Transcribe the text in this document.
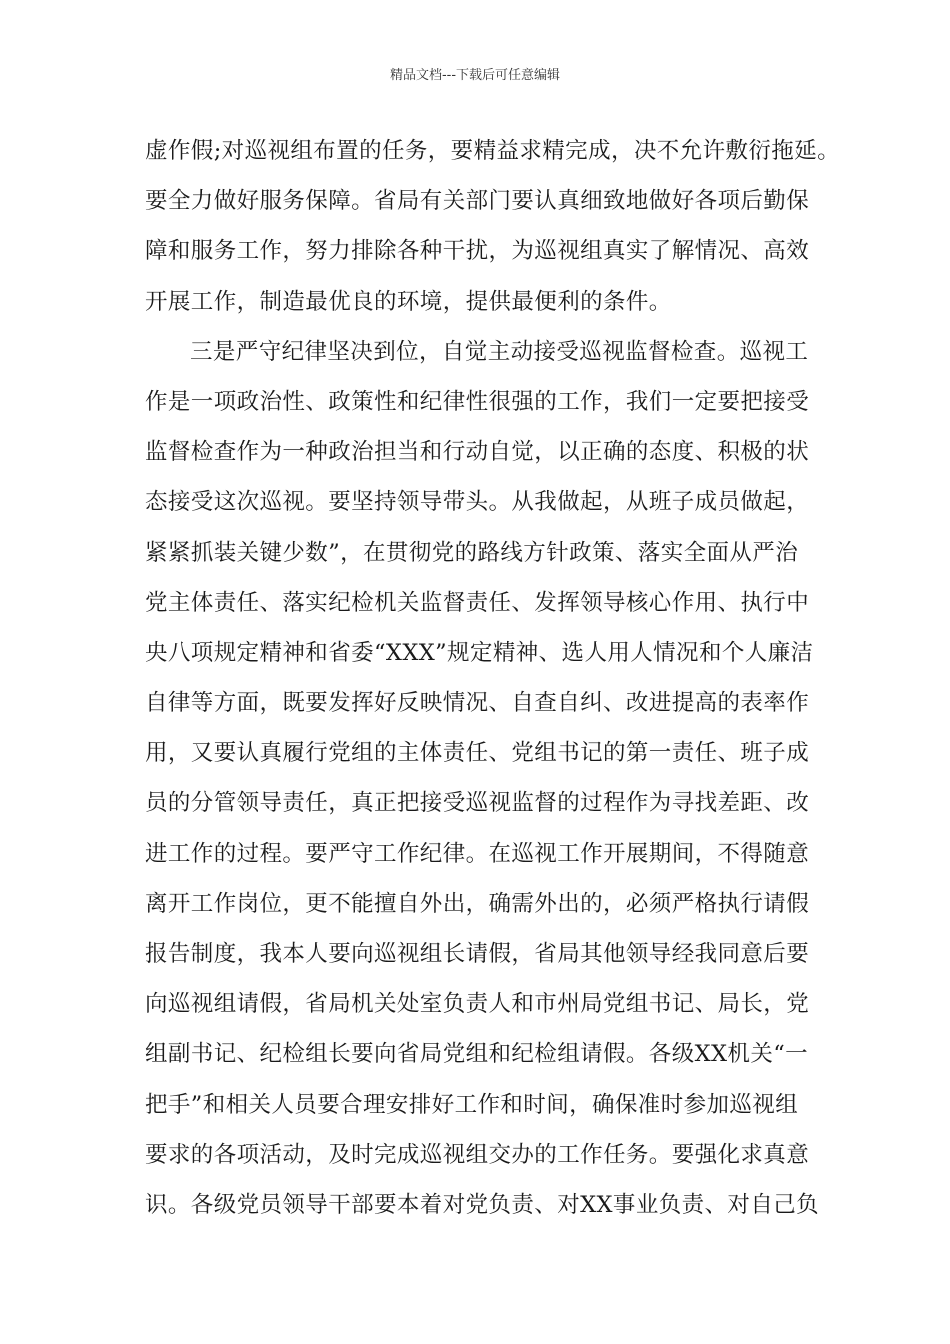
精品文档---下载后可任意编辑
虚作假;对巡视组布置的任务，要精益求精完成，决不允许敷衍拖延。
要全力做好服务保障。省局有关部门要认真细致地做好各项后勤保
障和服务工作，努力排除各种干扰，为巡视组真实了解情况、高效
开展工作，制造最优良的环境，提供最便利的条件。
三是严守纪律坚决到位，自觉主动接受巡视监督检查。巡视工
作是一项政治性、政策性和纪律性很强的工作，我们一定要把接受
监督检查作为一种政治担当和行动自觉，以正确的态度、积极的状
态接受这次巡视。要坚持领导带头。从我做起，从班子成员做起，
紧紧抓装关键少数”，在贯彻党的路线方针政策、落实全面从严治
党主体责任、落实纪检机关监督责任、发挥领导核心作用、执行中
央八项规定精神和省委“XXX”规定精神、选人用人情况和个人廉洁
自律等方面，既要发挥好反映情况、自查自纠、改进提高的表率作
用，又要认真履行党组的主体责任、党组书记的第一责任、班子成
员的分管领导责任，真正把接受巡视监督的过程作为寻找差距、改
进工作的过程。要严守工作纪律。在巡视工作开展期间，不得随意
离开工作岗位，更不能擅自外出，确需外出的，必须严格执行请假
报告制度，我本人要向巡视组长请假，省局其他领导经我同意后要
向巡视组请假，省局机关处室负责人和市州局党组书记、局长，党
组副书记、纪检组长要向省局党组和纪检组请假。各级XX机关“一
把手”和相关人员要合理安排好工作和时间，确保准时参加巡视组
要求的各项活动，及时完成巡视组交办的工作任务。要强化求真意
识。各级党员领导干部要本着对党负责、对XX事业负责、对自己负
